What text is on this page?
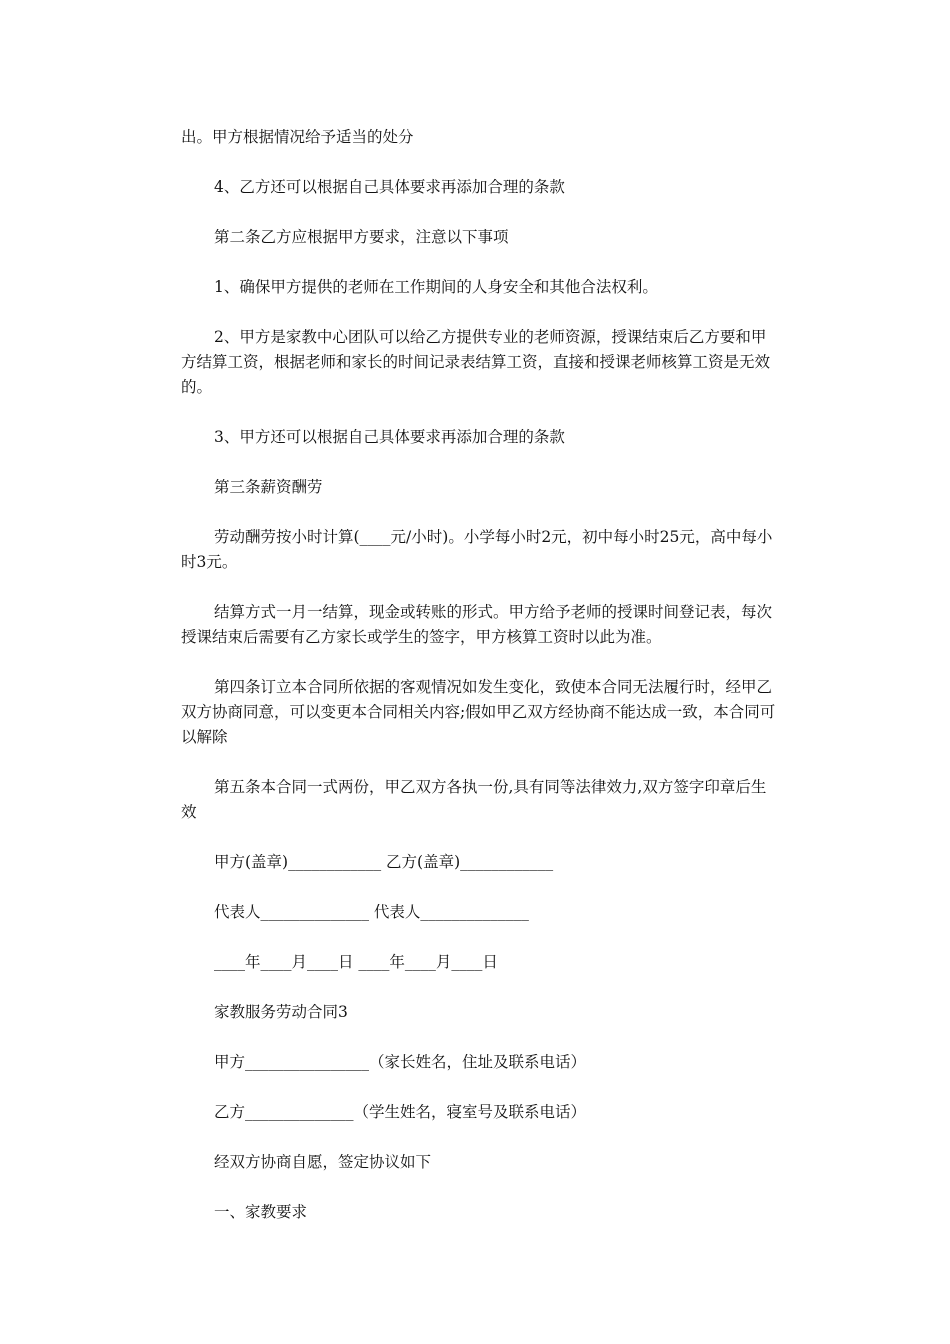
出。甲方根据情况给予适当的处分

4、乙方还可以根据自己具体要求再添加合理的条款

第二条乙方应根据甲方要求，注意以下事项

1、确保甲方提供的老师在工作期间的人身安全和其他合法权利。

2、甲方是家教中心团队可以给乙方提供专业的老师资源，授课结束后乙方要和甲方结算工资，根据老师和家长的时间记录表结算工资，直接和授课老师核算工资是无效的。

3、甲方还可以根据自己具体要求再添加合理的条款

第三条薪资酬劳

劳动酬劳按小时计算(____元/小时)。小学每小时2元，初中每小时25元，高中每小时3元。

结算方式一月一结算，现金或转账的形式。甲方给予老师的授课时间登记表，每次授课结束后需要有乙方家长或学生的签字，甲方核算工资时以此为准。

第四条订立本合同所依据的客观情况如发生变化，致使本合同无法履行时，经甲乙双方协商同意，可以变更本合同相关内容;假如甲乙双方经协商不能达成一致，本合同可以解除

第五条本合同一式两份，甲乙双方各执一份,具有同等法律效力,双方签字印章后生效

甲方(盖章)____________ 乙方(盖章)____________

代表人______________ 代表人______________

____年____月____日 ____年____月____日

家教服务劳动合同3

甲方________________（家长姓名，住址及联系电话）

乙方______________（学生姓名，寝室号及联系电话）

经双方协商自愿，签定协议如下

一、家教要求
